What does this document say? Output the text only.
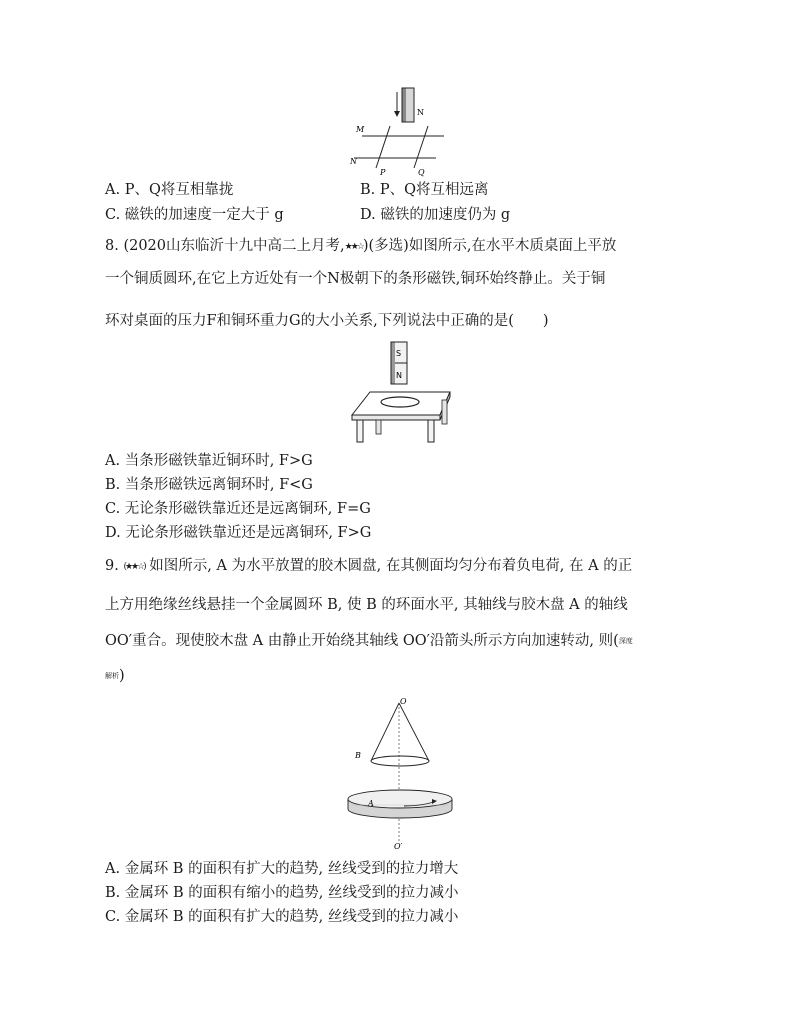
N
M
N
P	Q
A. P、Q将互相靠拢	B. P、Q将互相远离
C. 磁铁的加速度一定大于 g	D. 磁铁的加速度仍为 g
8. (2020山东临沂十九中高二上月考,★★☆)(多选)如图所示,在水平木质桌面上平放
一个铜质圆环,在它上方近处有一个N极朝下的条形磁铁,铜环始终静止。关于铜
环对桌面的压力F和铜环重力G的大小关系,下列说法中正确的是(　　)
S
N
A. 当条形磁铁靠近铜环时, F>G
B. 当条形磁铁远离铜环时, F<G
C. 无论条形磁铁靠近还是远离铜环, F=G
D. 无论条形磁铁靠近还是远离铜环, F>G
9. (★★☆) 如图所示, A 为水平放置的胶木圆盘, 在其侧面均匀分布着负电荷, 在 A 的正
上方用绝缘丝线悬挂一个金属圆环 B, 使 B 的环面水平, 其轴线与胶木盘 A 的轴线
OO′重合。现使胶木盘 A 由静止开始绕其轴线 OO′沿箭头所示方向加速转动, 则(深度
解析)
O
B
A
O′
A. 金属环 B 的面积有扩大的趋势, 丝线受到的拉力增大
B. 金属环 B 的面积有缩小的趋势, 丝线受到的拉力减小
C. 金属环 B 的面积有扩大的趋势, 丝线受到的拉力减小
